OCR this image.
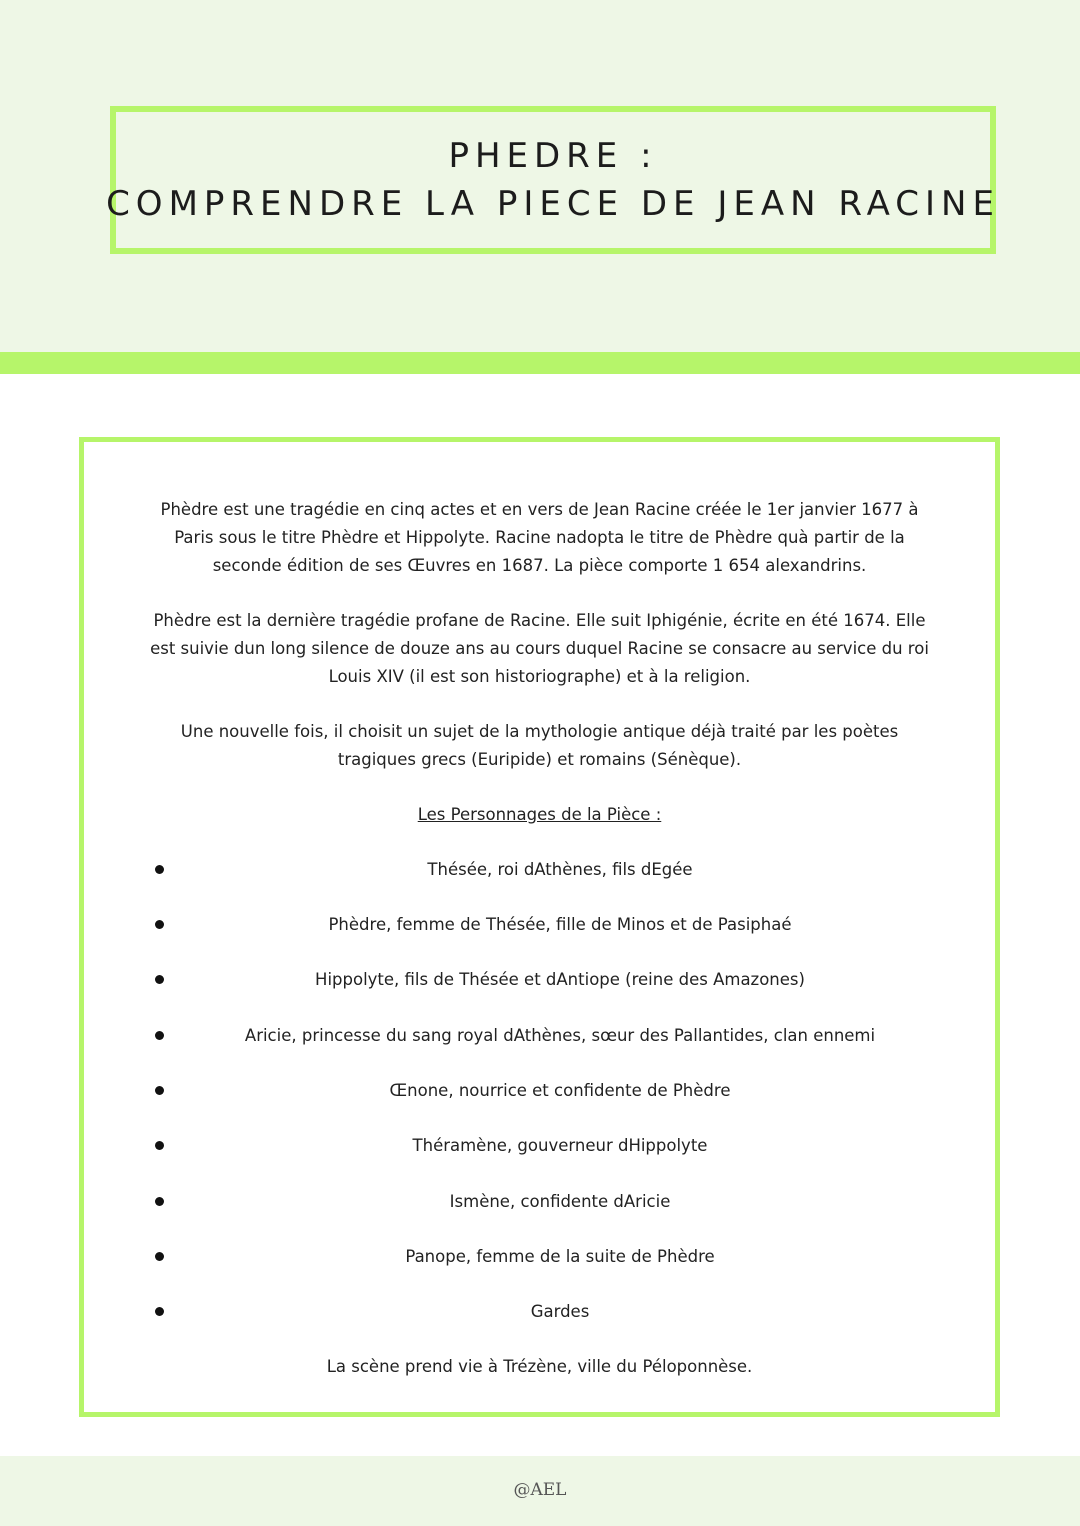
PHEDRE :
COMPRENDRE LA PIECE DE JEAN RACINE
Phèdre est une tragédie en cinq actes et en vers de Jean Racine créée le 1er janvier 1677 à Paris sous le titre Phèdre et Hippolyte. Racine nadopta le titre de Phèdre quà partir de la seconde édition de ses Œuvres en 1687. La pièce comporte 1 654 alexandrins.
Phèdre est la dernière tragédie profane de Racine. Elle suit Iphigénie, écrite en été 1674. Elle est suivie dun long silence de douze ans au cours duquel Racine se consacre au service du roi Louis XIV (il est son historiographe) et à la religion.
Une nouvelle fois, il choisit un sujet de la mythologie antique déjà traité par les poètes tragiques grecs (Euripide) et romains (Sénèque).
Les Personnages de la Pièce :
Thésée, roi dAthènes, fils dEgée
Phèdre, femme de Thésée, fille de Minos et de Pasiphaé
Hippolyte, fils de Thésée et dAntiope (reine des Amazones)
Aricie, princesse du sang royal dAthènes, sœur des Pallantides, clan ennemi
Œnone, nourrice et confidente de Phèdre
Théramène, gouverneur dHippolyte
Ismène, confidente dAricie
Panope, femme de la suite de Phèdre
Gardes
La scène prend vie à Trézène, ville du Péloponnèse.
@AEL
